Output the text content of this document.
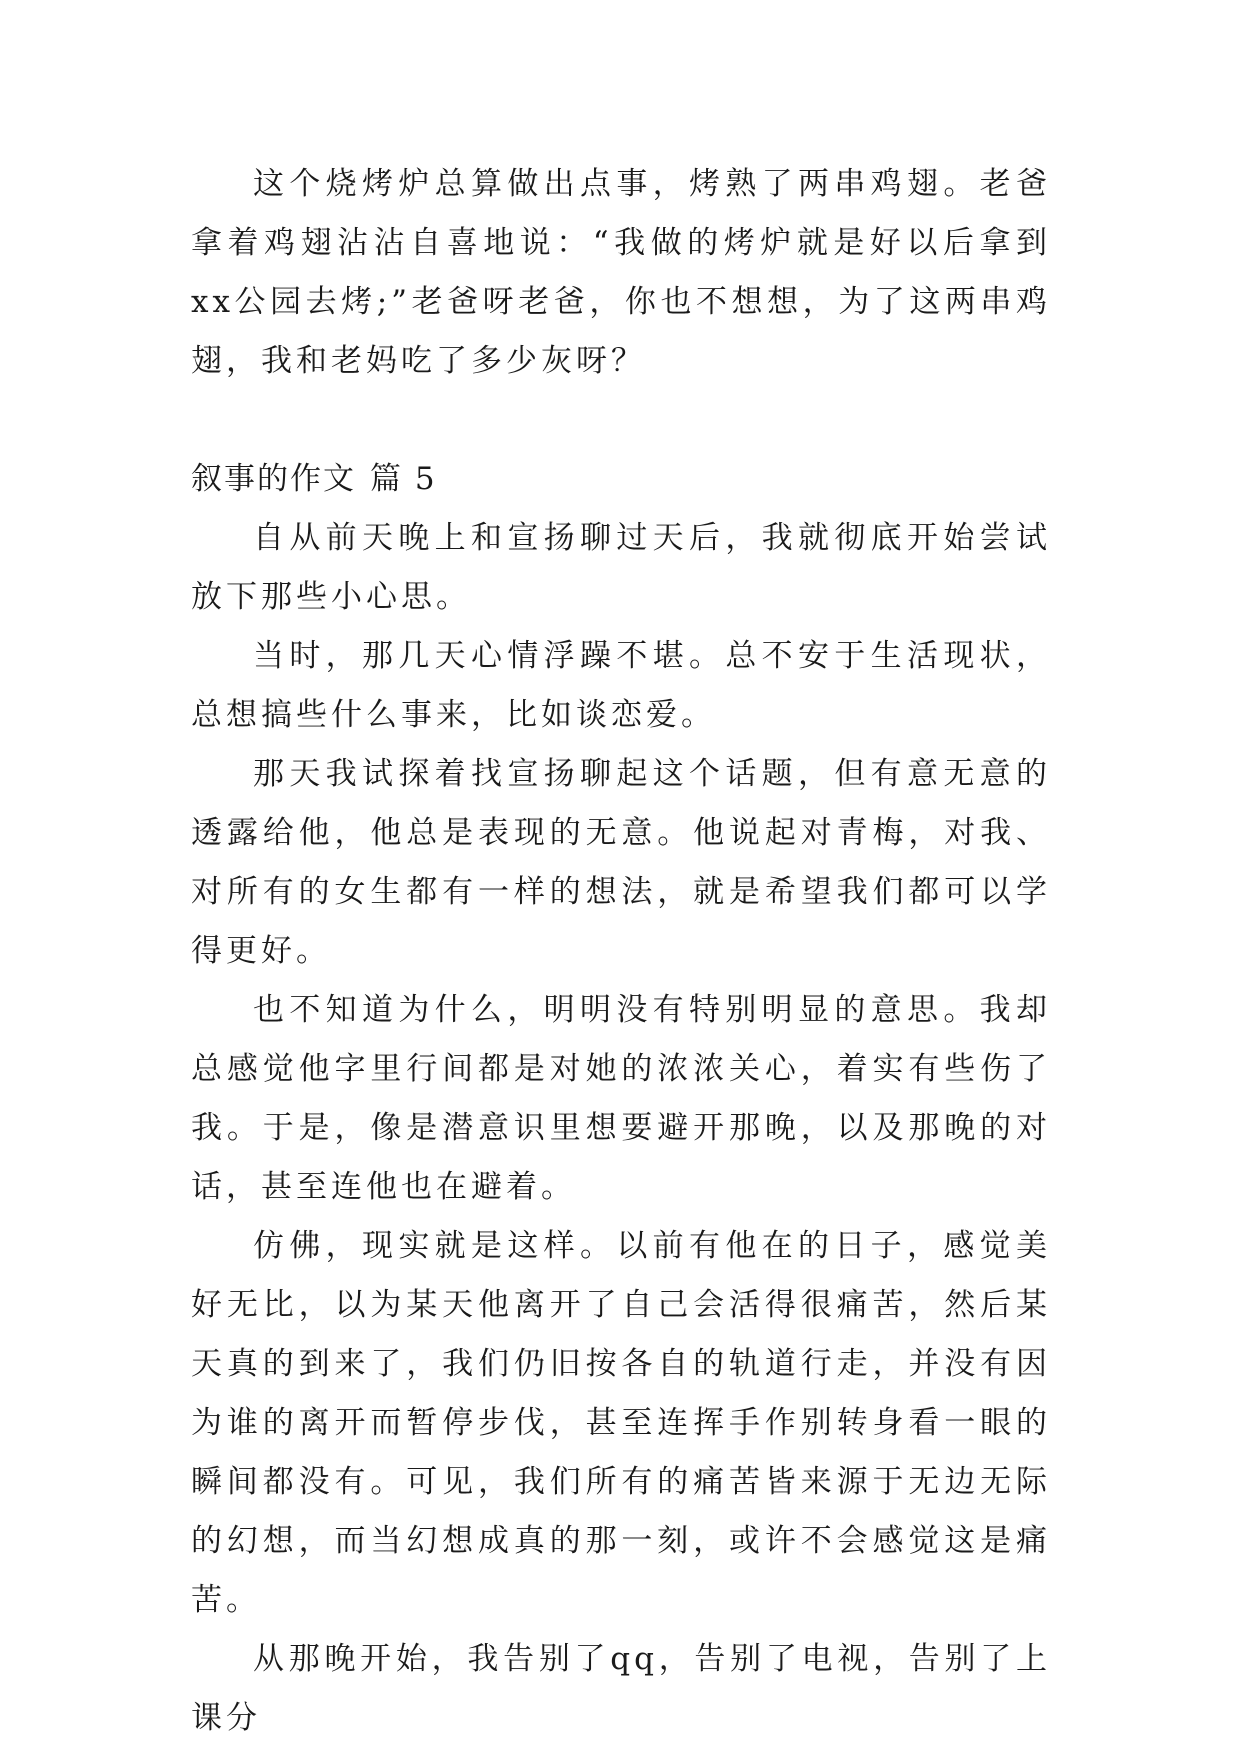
这个烧烤炉总算做出点事，烤熟了两串鸡翅。老爸拿着鸡翅沾沾自喜地说：“我做的烤炉就是好以后拿到xx公园去烤;”老爸呀老爸，你也不想想，为了这两串鸡翅，我和老妈吃了多少灰呀？

叙事的作文 篇 5

自从前天晚上和宣扬聊过天后，我就彻底开始尝试放下那些小心思。

当时，那几天心情浮躁不堪。总不安于生活现状，总想搞些什么事来，比如谈恋爱。

那天我试探着找宣扬聊起这个话题，但有意无意的透露给他，他总是表现的无意。他说起对青梅，对我、对所有的女生都有一样的想法，就是希望我们都可以学得更好。

也不知道为什么，明明没有特别明显的意思。我却总感觉他字里行间都是对她的浓浓关心，着实有些伤了我。于是，像是潜意识里想要避开那晚，以及那晚的对话，甚至连他也在避着。

仿佛，现实就是这样。以前有他在的日子，感觉美好无比，以为某天他离开了自己会活得很痛苦，然后某天真的到来了，我们仍旧按各自的轨道行走，并没有因为谁的离开而暂停步伐，甚至连挥手作别转身看一眼的瞬间都没有。可见，我们所有的痛苦皆来源于无边无际的幻想，而当幻想成真的那一刻，或许不会感觉这是痛苦。

从那晚开始，我告别了qq，告别了电视，告别了上课分
